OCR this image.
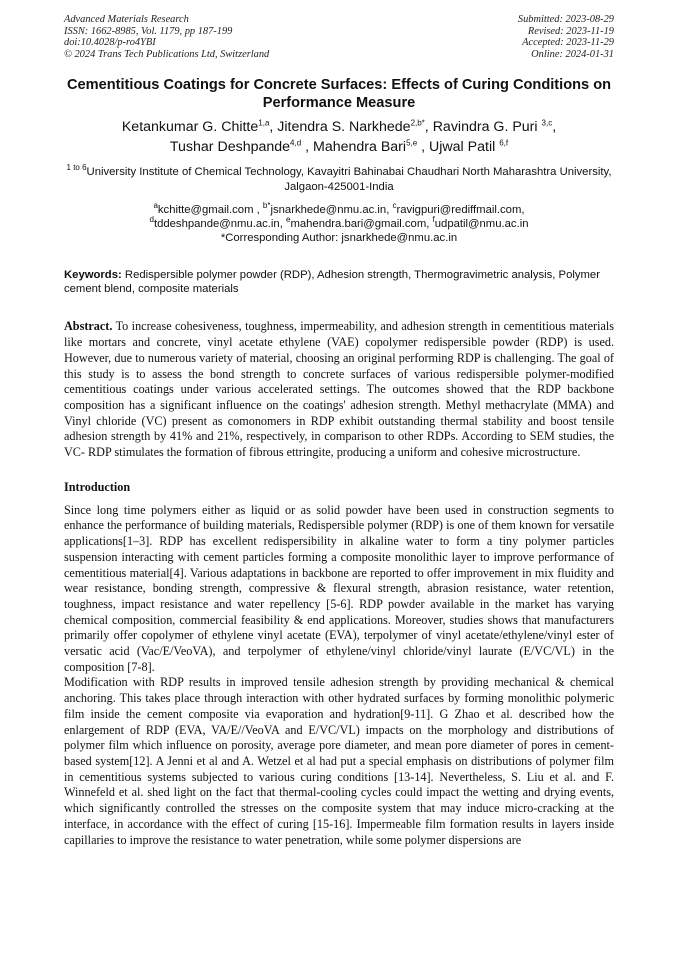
Advanced Materials Research
ISSN: 1662-8985, Vol. 1179, pp 187-199
doi:10.4028/p-ro4YBI
© 2024 Trans Tech Publications Ltd, Switzerland
Submitted: 2023-08-29
Revised: 2023-11-19
Accepted: 2023-11-29
Online: 2024-01-31
Cementitious Coatings for Concrete Surfaces: Effects of Curing Conditions on Performance Measure
Ketankumar G. Chitte$^{1,a}$, Jitendra S. Narkhede$^{2,b*}$, Ravindra G. Puri $^{3,c}$,
Tushar Deshpande$^{4,d}$ , Mahendra Bari$^{5,e}$ , Ujwal Patil $^{6,f}$
$^{1 to 6}$University Institute of Chemical Technology, Kavayitri Bahinabai Chaudhari North Maharashtra University, Jalgaon-425001-India
$^a$kchitte@gmail.com , $^{b*}$jsnarkhede@nmu.ac.in, $^c$ravigpuri@rediffmail.com,
$^d$tddeshpande@nmu.ac.in, $^e$mahendra.bari@gmail.com, $^f$udpatil@nmu.ac.in
*Corresponding Author: jsnarkhede@nmu.ac.in
Keywords: Redispersible polymer powder (RDP), Adhesion strength, Thermogravimetric analysis, Polymer cement blend, composite materials
Abstract. To increase cohesiveness, toughness, impermeability, and adhesion strength in cementitious materials like mortars and concrete, vinyl acetate ethylene (VAE) copolymer redispersible powder (RDP) is used. However, due to numerous variety of material, choosing an original performing RDP is challenging. The goal of this study is to assess the bond strength to concrete surfaces of various redispersible polymer-modified cementitious coatings under various accelerated settings. The outcomes showed that the RDP backbone composition has a significant influence on the coatings' adhesion strength. Methyl methacrylate (MMA) and Vinyl chloride (VC) present as comonomers in RDP exhibit outstanding thermal stability and boost tensile adhesion strength by 41% and 21%, respectively, in comparison to other RDPs. According to SEM studies, the VC- RDP stimulates the formation of fibrous ettringite, producing a uniform and cohesive microstructure.
Introduction
Since long time polymers either as liquid or as solid powder have been used in construction segments to enhance the performance of building materials, Redispersible polymer (RDP) is one of them known for versatile applications[1–3]. RDP has excellent redispersibility in alkaline water to form a tiny polymer particles suspension interacting with cement particles forming a composite monolithic layer to improve performance of cementitious material[4]. Various adaptations in backbone are reported to offer improvement in mix fluidity and wear resistance, bonding strength, compressive & flexural strength, abrasion resistance, water retention, toughness, impact resistance and water repellency [5-6]. RDP powder available in the market has varying chemical composition, commercial feasibility & end applications. Moreover, studies shows that manufacturers primarily offer copolymer of ethylene vinyl acetate (EVA), terpolymer of vinyl acetate/ethylene/vinyl ester of versatic acid (Vac/E/VeoVA), and terpolymer of ethylene/vinyl chloride/vinyl laurate (E/VC/VL) in the composition [7-8].
Modification with RDP results in improved tensile adhesion strength by providing mechanical & chemical anchoring. This takes place through interaction with other hydrated surfaces by forming monolithic polymeric film inside the cement composite via evaporation and hydration[9-11]. G Zhao et al. described how the enlargement of RDP (EVA, VA/E//VeoVA and E/VC/VL) impacts on the morphology and distributions of polymer film which influence on porosity, average pore diameter, and mean pore diameter of pores in cement-based system[12]. A Jenni et al and A. Wetzel et al had put a special emphasis on distributions of polymer film in cementitious systems subjected to various curing conditions [13-14]. Nevertheless, S. Liu et al. and F. Winnefeld et al. shed light on the fact that thermal-cooling cycles could impact the wetting and drying events, which significantly controlled the stresses on the composite system that may induce micro-cracking at the interface, in accordance with the effect of curing [15-16]. Impermeable film formation results in layers inside capillaries to improve the resistance to water penetration, while some polymer dispersions are
